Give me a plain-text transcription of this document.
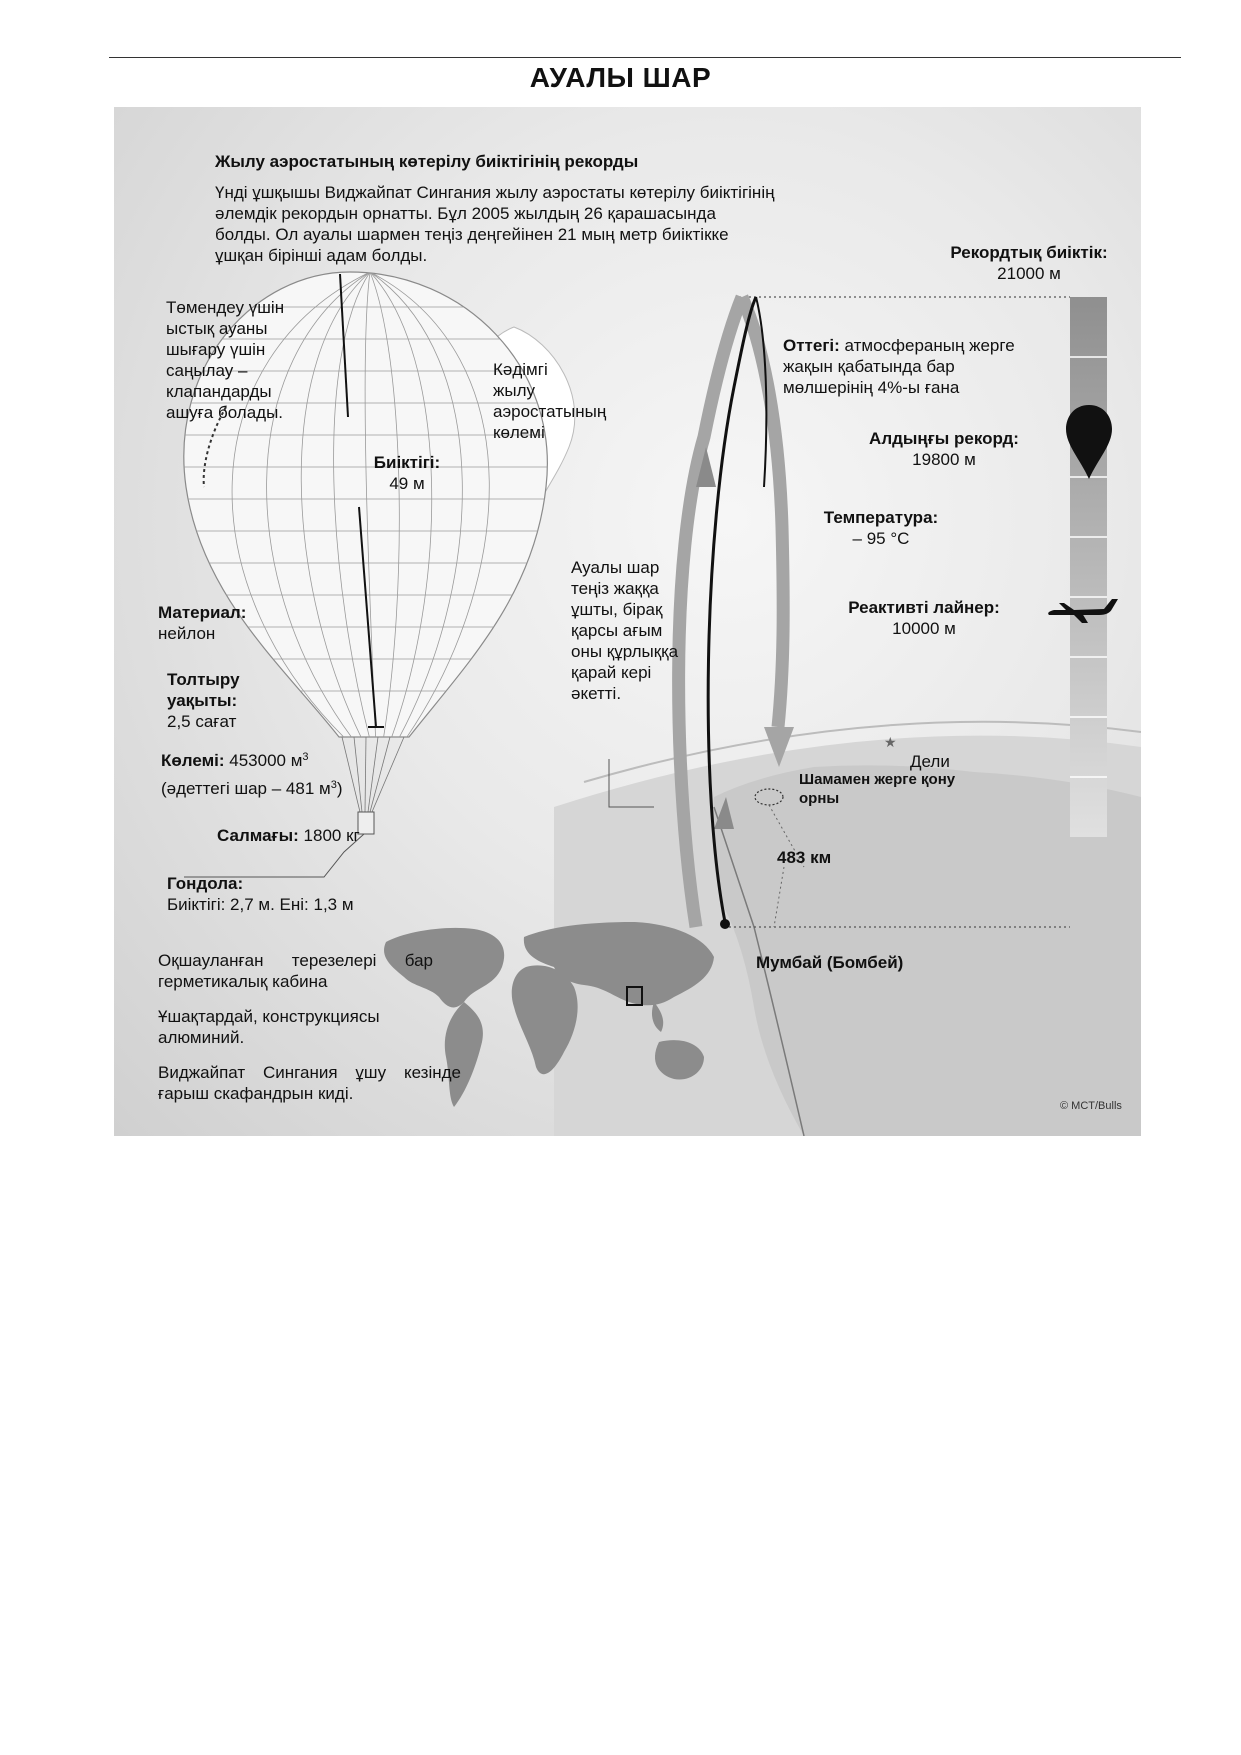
АУАЛЫ ШАР
★
Жылу аэростатының көтерілу биіктігінің рекорды
Үнді ұшқышы Виджайпат Сингания жылу аэростаты көтерілу биіктігінің әлемдік рекордын орнатты. Бұл 2005 жылдың 26 қарашасында болды. Ол ауалы шармен теңіз деңгейінен 21 мың метр биіктікке ұшқан бірінші адам болды.
Төмендеу үшін ыстық ауаны шығару үшін саңылау – клапандарды ашуға болады.
Кәдімгі жылу аэростатының көлемі
Биіктігі:
49 м
Материал:
нейлон
Толтыру уақыты:
2,5 сағат
Көлемі: 453000 $м^3$
(әдеттегі шар – 481 $м^3$)
Салмағы: 1800 кг
Гондола:
Биіктігі: 2,7 м. Ені: 1,3 м
Оқшауланған терезелері бар герметикалық кабина
Ұшақтардай, конструкциясы алюминий.
Виджайпат Сингания ұшу кезінде ғарыш скафандрын киді.
Ауалы шар теңіз жаққа ұшты, бірақ қарсы ағым оны құрлыққа қарай кері әкетті.
Рекордтық биіктік:
21000 м
Оттегі: атмосфераның жерге жақын қабатында бар мөлшерінің 4%-ы ғана
Алдыңғы рекорд:
19800 м
Температура:
– 95 °C
Реактивті лайнер:
10000 м
Дели
Шамамен жерге қону орны
483 км
Мумбай (Бомбей)
© MCT/Bulls
